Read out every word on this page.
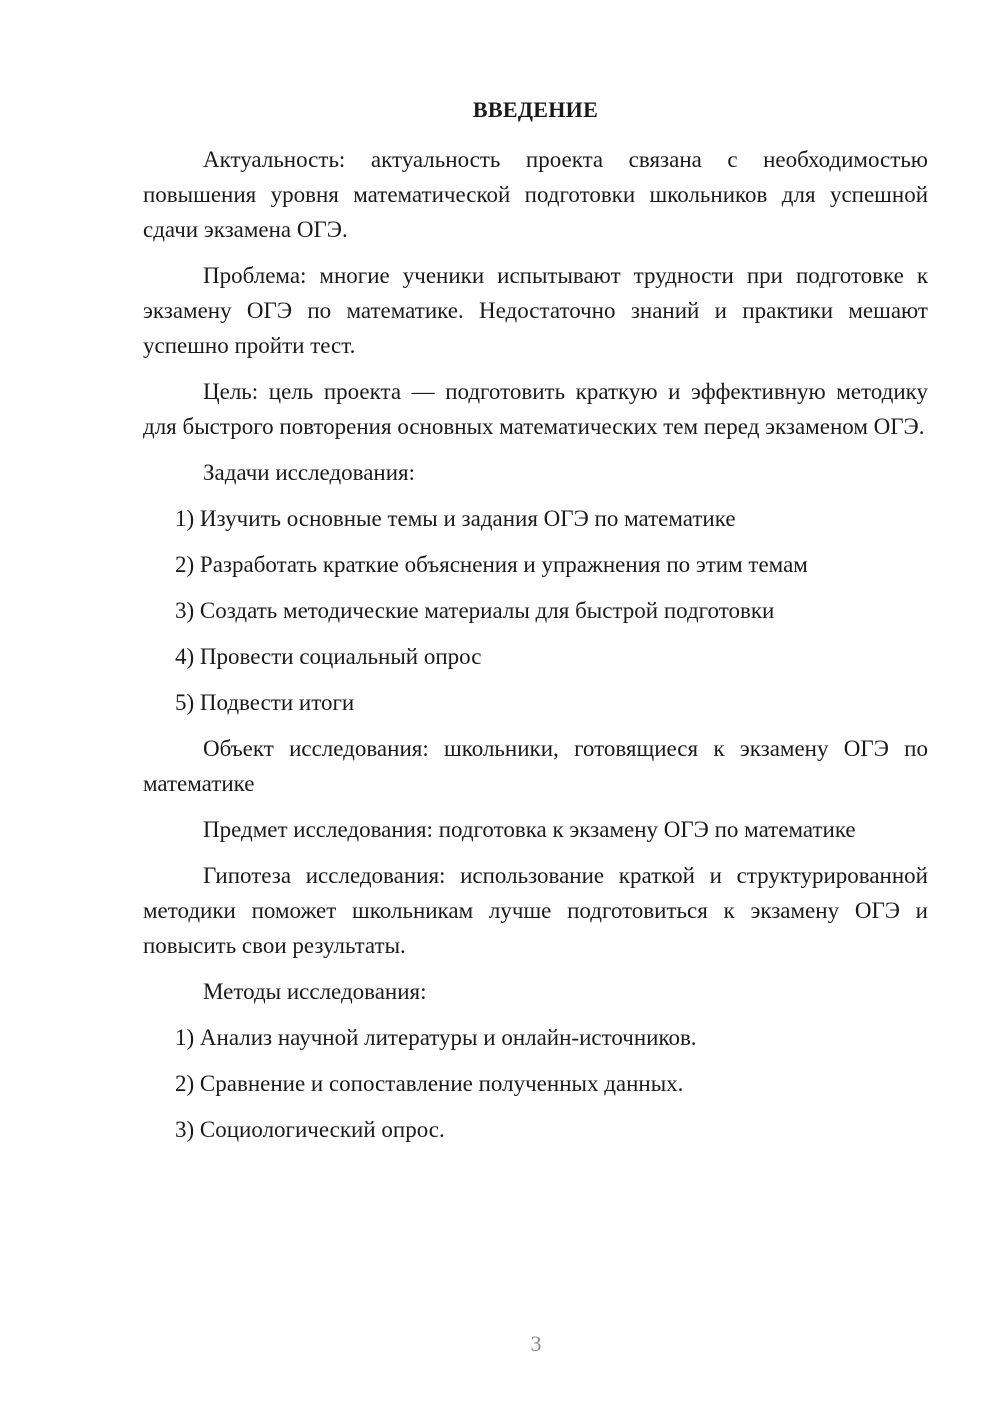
ВВЕДЕНИЕ

Актуальность: актуальность проекта связана с необходимостью повышения уровня математической подготовки школьников для успешной сдачи экзамена ОГЭ.

Проблема: многие ученики испытывают трудности при подготовке к экзамену ОГЭ по математике. Недостаточно знаний и практики мешают успешно пройти тест.

Цель: цель проекта — подготовить краткую и эффективную методику для быстрого повторения основных математических тем перед экзаменом ОГЭ.

Задачи исследования:

1) Изучить основные темы и задания ОГЭ по математике
2) Разработать краткие объяснения и упражнения по этим темам
3) Создать методические материалы для быстрой подготовки
4) Провести социальный опрос
5) Подвести итоги

Объект исследования: школьники, готовящиеся к экзамену ОГЭ по математике

Предмет исследования: подготовка к экзамену ОГЭ по математике

Гипотеза исследования: использование краткой и структурированной методики поможет школьникам лучше подготовиться к экзамену ОГЭ и повысить свои результаты.

Методы исследования:

1) Анализ научной литературы и онлайн-источников.
2) Сравнение и сопоставление полученных данных.
3) Социологический опрос.
3
